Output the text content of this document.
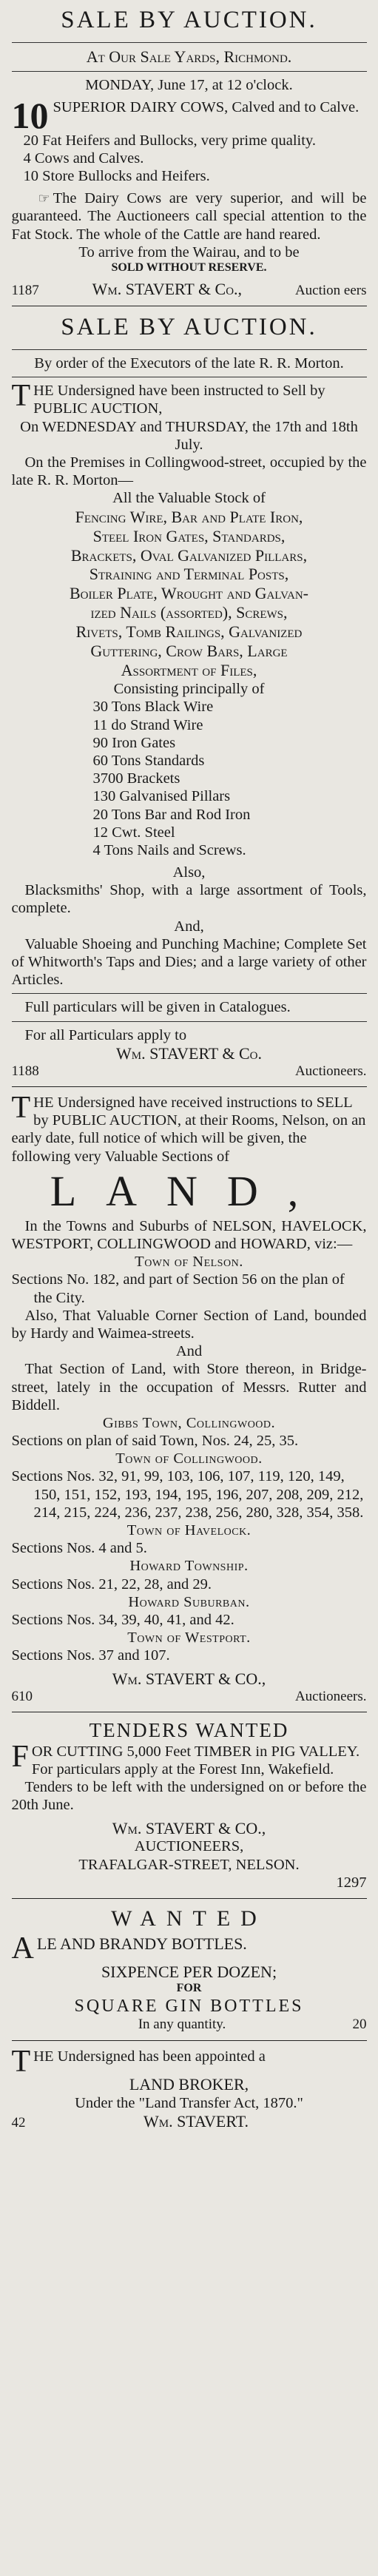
SALE BY AUCTION.
At Our Sale Yards, Richmond.
MONDAY, June 17, at 12 o'clock.
10 SUPERIOR DAIRY COWS, Calved and to Calve.
20 Fat Heifers and Bullocks, very prime quality.
4 Cows and Calves.
10 Store Bullocks and Heifers.
☞ The Dairy Cows are very superior, and will be guaranteed. The Auctioneers call special attention to the Fat Stock. The whole of the Cattle are hand reared.
To arrive from the Wairau, and to be
SOLD WITHOUT RESERVE.
1187	Wm. STAVERT & Co.,	Auction eers
SALE BY AUCTION.
By order of the Executors of the late R. R. Morton.
T HE Undersigned have been instructed to Sell by PUBLIC AUCTION,
On WEDNESDAY and THURSDAY, the 17th and 18th July.
On the Premises in Collingwood-street, occupied by the late R. R. Morton—
All the Valuable Stock of
Fencing Wire, Bar and Plate Iron,
Steel Iron Gates, Standards,
Brackets, Oval Galvanized Pillars,
Straining and Terminal Posts,
Boiler Plate, Wrought and Galvan-
ized Nails (assorted), Screws,
Rivets, Tomb Railings, Galvanized
Guttering, Crow Bars, Large
Assortment of Files,
Consisting principally of
30 Tons Black Wire
11 do Strand Wire
90 Iron Gates
60 Tons Standards
3700 Brackets
130 Galvanised Pillars
20 Tons Bar and Rod Iron
12 Cwt. Steel
4 Tons Nails and Screws.
Also,
Blacksmiths' Shop, with a large assortment of Tools, complete.
And,
Valuable Shoeing and Punching Machine; Complete Set of Whitworth's Taps and Dies; and a large variety of other Articles.
Full particulars will be given in Catalogues.
For all Particulars apply to
Wm. STAVERT & Co.
1188	Auctioneers.
T HE Undersigned have received instructions to SELL by PUBLIC AUCTION, at their Rooms, Nelson, on an early date, full notice of which will be given, the following very Valuable Sections of
LAND,
In the Towns and Suburbs of NELSON, HAVELOCK, WESTPORT, COLLINGWOOD and HOWARD, viz:—
Town of Nelson.
Sections No. 182, and part of Section 56 on the plan of the City.
Also, That Valuable Corner Section of Land, bounded by Hardy and Waimea-streets.
And
That Section of Land, with Store thereon, in Bridge-street, lately in the occupation of Messrs. Rutter and Biddell.
Gibbs Town, Collingwood.
Sections on plan of said Town, Nos. 24, 25, 35.
Town of Collingwood.
Sections Nos. 32, 91, 99, 103, 106, 107, 119, 120, 149, 150, 151, 152, 193, 194, 195, 196, 207, 208, 209, 212, 214, 215, 224, 236, 237, 238, 256, 280, 328, 354, 358.
Town of Havelock.
Sections Nos. 4 and 5.
Howard Township.
Sections Nos. 21, 22, 28, and 29.
Howard Suburban.
Sections Nos. 34, 39, 40, 41, and 42.
Town of Westport.
Sections Nos. 37 and 107.
Wm. STAVERT & CO.,
610	Auctioneers.
TENDERS WANTED
F OR CUTTING 5,000 Feet TIMBER in PIG VALLEY. For particulars apply at the Forest Inn, Wakefield.
Tenders to be left with the undersigned on or before the 20th June.
Wm. STAVERT & CO.,
AUCTIONEERS,
TRAFALGAR-STREET, NELSON.
1297
WANTED
A LE AND BRANDY BOTTLES.
SIXPENCE PER DOZEN;
FOR
SQUARE GIN BOTTLES
In any quantity.	20
T HE Undersigned has been appointed a
LAND BROKER,
Under the "Land Transfer Act, 1870."
42	Wm. STAVERT.
